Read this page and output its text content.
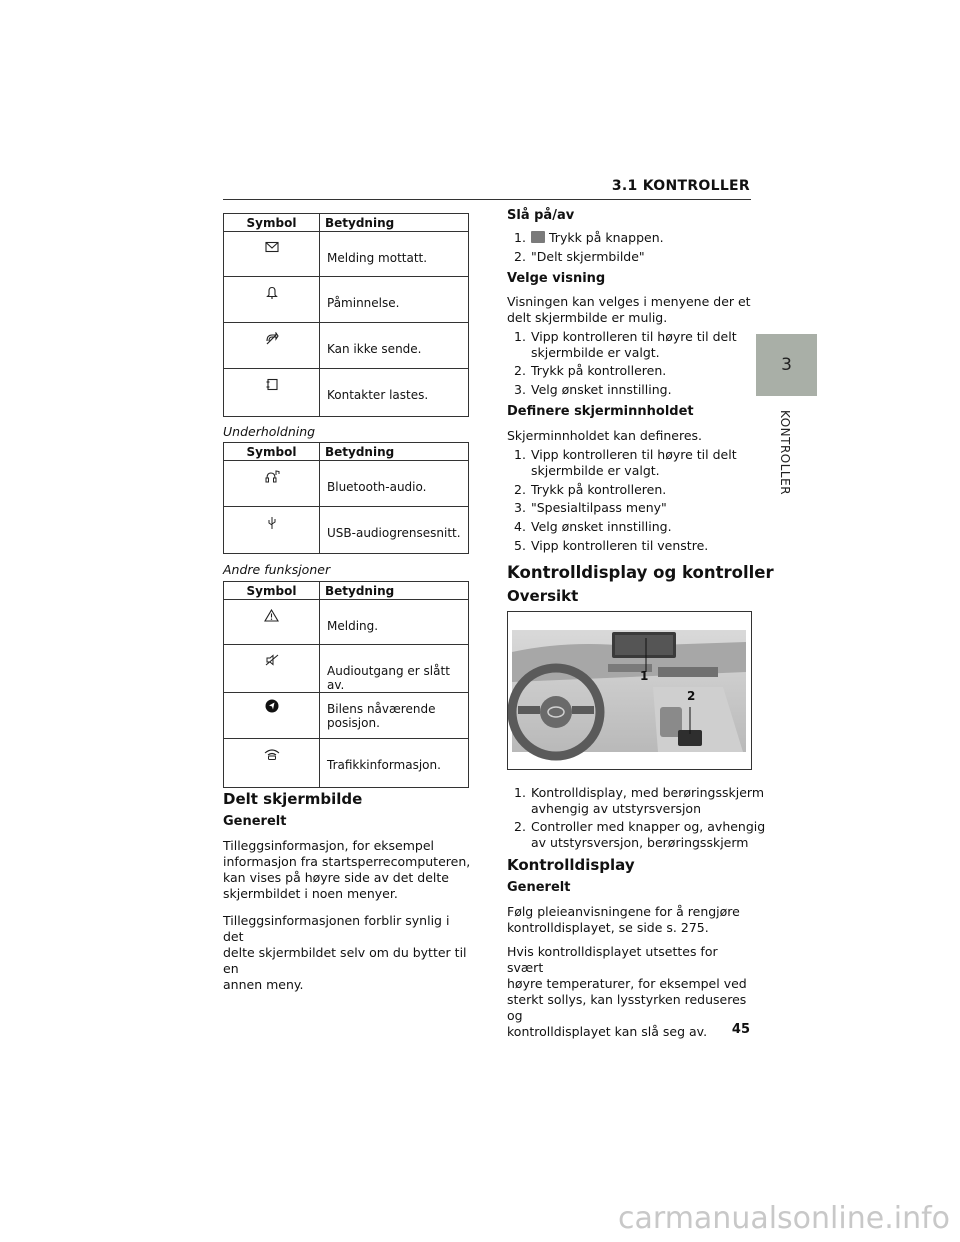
3.1 KONTROLLER
3
KONTROLLER
Symbol	Betydning
	Melding mottatt.
	Påminnelse.
	Kan ikke sende.
	Kontakter lastes.
Underholdning
Symbol	Betydning
	Bluetooth-audio.
	USB-audiogrensesnitt.
Andre funksjoner
Symbol	Betydning
	Melding.
	Audioutgang er slått av.
	Bilens nåværende
posisjon.
	Trafikkinformasjon.
Delt skjermbilde
Generelt
Tilleggsinformasjon, for eksempel
informasjon fra startsperrecomputeren,
kan vises på høyre side av det delte
skjermbildet i noen menyer.
Tilleggsinformasjonen forblir synlig i det
delte skjermbildet selv om du bytter til en
annen meny.
Slå på/av
1. Trykk på knappen.
2. "Delt skjermbilde"
Velge visning
Visningen kan velges i menyene der et
delt skjermbilde er mulig.
1. Vipp kontrolleren til høyre til delt
skjermbilde er valgt.
2. Trykk på kontrolleren.
3. Velg ønsket innstilling.
Definere skjerminnholdet
Skjerminnholdet kan defineres.
1. Vipp kontrolleren til høyre til delt
skjermbilde er valgt.
2. Trykk på kontrolleren.
3. "Spesialtilpass meny"
4. Velg ønsket innstilling.
5. Vipp kontrolleren til venstre.
Kontrolldisplay og kontroller
Oversikt
1
2
1. Kontrolldisplay, med berøringsskjerm
avhengig av utstyrsversjon
2. Controller med knapper og, avhengig
av utstyrsversjon, berøringsskjerm
Kontrolldisplay
Generelt
Følg pleieanvisningene for å rengjøre
kontrolldisplayet, se side s. 275.
Hvis kontrolldisplayet utsettes for svært
høyre temperaturer, for eksempel ved
sterkt sollys, kan lysstyrken reduseres og
kontrolldisplayet kan slå seg av.	45
carmanualsonline.info
